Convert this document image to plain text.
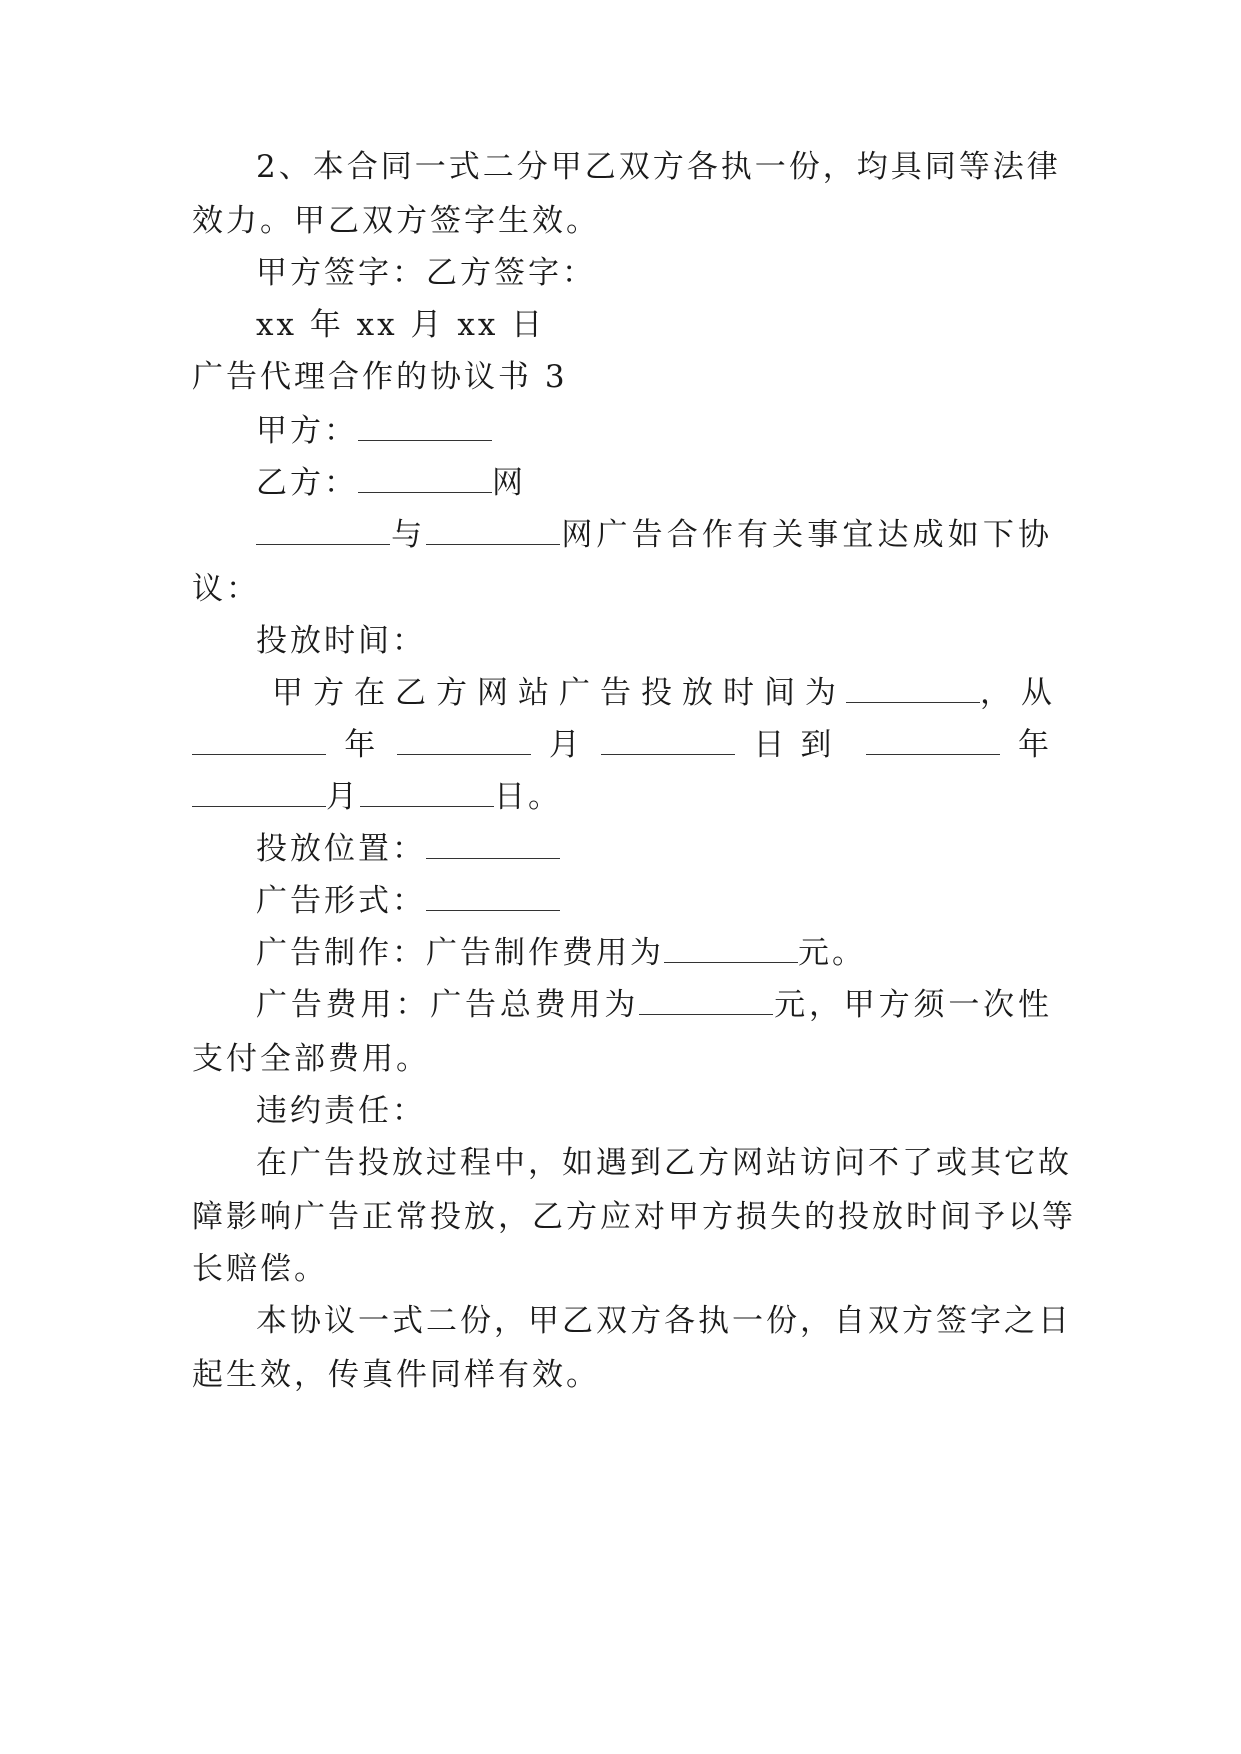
2、本合同一式二分甲乙双方各执一份，均具同等法律
效力。甲乙双方签字生效。
甲方签字：乙方签字：
xx 年 xx 月 xx 日
广告代理合作的协议书 3
甲方：
乙方：	网
与	网广告合作有关事宜达成如下协
议：
投放时间：
甲方在乙方网站广告投放时间为	，从
年	月	日到	年
月	日。
投放位置：
广告形式：
广告制作：广告制作费用为	元。
广告费用：广告总费用为	元，甲方须一次性
支付全部费用。
违约责任：
在广告投放过程中，如遇到乙方网站访问不了或其它故
障影响广告正常投放，乙方应对甲方损失的投放时间予以等
长赔偿。
本协议一式二份，甲乙双方各执一份，自双方签字之日
起生效，传真件同样有效。
